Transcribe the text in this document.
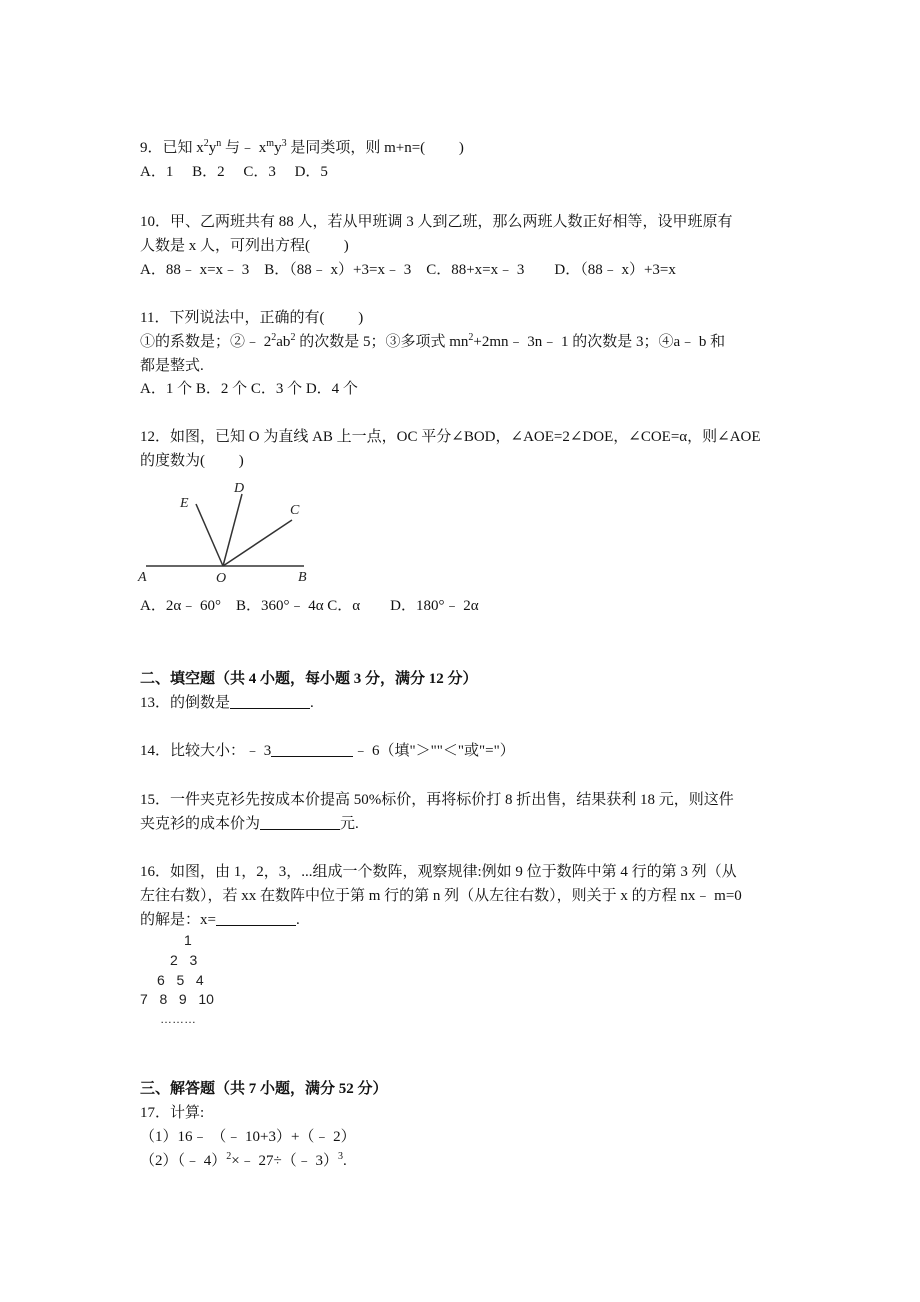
9．已知 $x^2y^n$ 与﹣ $x^my^3$ 是同类项，则 m+n=(　　 )
A．1　 B．2　 C．3　 D．5
10．甲、乙两班共有 88 人，若从甲班调 3 人到乙班，那么两班人数正好相等，设甲班原有
人数是 x 人，可列出方程(　　 )
A．88﹣ x=x﹣ 3　B．（88﹣ x）+3=x﹣ 3　C．88+x=x﹣ 3　　D．（88﹣ x）+3=x
11．下列说法中，正确的有(　　 )
①的系数是；②﹣ $2^2ab^2$ 的次数是 5；③多项式 $mn^2+2mn﹣$ 3n﹣ 1 的次数是 3；④a﹣ b 和
都是整式.
A．1 个 B．2 个 C．3 个 D．4 个
12．如图，已知 O 为直线 AB 上一点，OC 平分∠BOD，∠AOE=2∠DOE，∠COE=α，则∠AOE
的度数为(　　 )
A	O	B
E
D
C
A．2α﹣ 60°　B．360°﹣ 4α C．α　　D．180°﹣ 2α
二、填空题（共 4 小题，每小题 3 分，满分 12 分）
13．的倒数是	.
14．比较大小：﹣ 3	﹣ 6（填"＞""＜"或"="）
15．一件夹克衫先按成本价提高 50%标价，再将标价打 8 折出售，结果获利 18 元，则这件
夹克衫的成本价为	元.
16．如图，由 1，2，3，...组成一个数阵，观察规律:例如 9 位于数阵中第 4 行的第 3 列（从
左往右数），若 xx 在数阵中位于第 m 行的第 n 列（从左往右数），则关于 x 的方程 nx﹣ m=0
的解是：x=	.
1
2   3
6   5   4
7   8   9   10
………
三、解答题（共 7 小题，满分 52 分）
17．计算:
（1）16﹣ （﹣ 10+3）+（﹣ 2）
（2）（﹣ 4）$^2$×﹣ 27÷（﹣ 3）$^3$.
